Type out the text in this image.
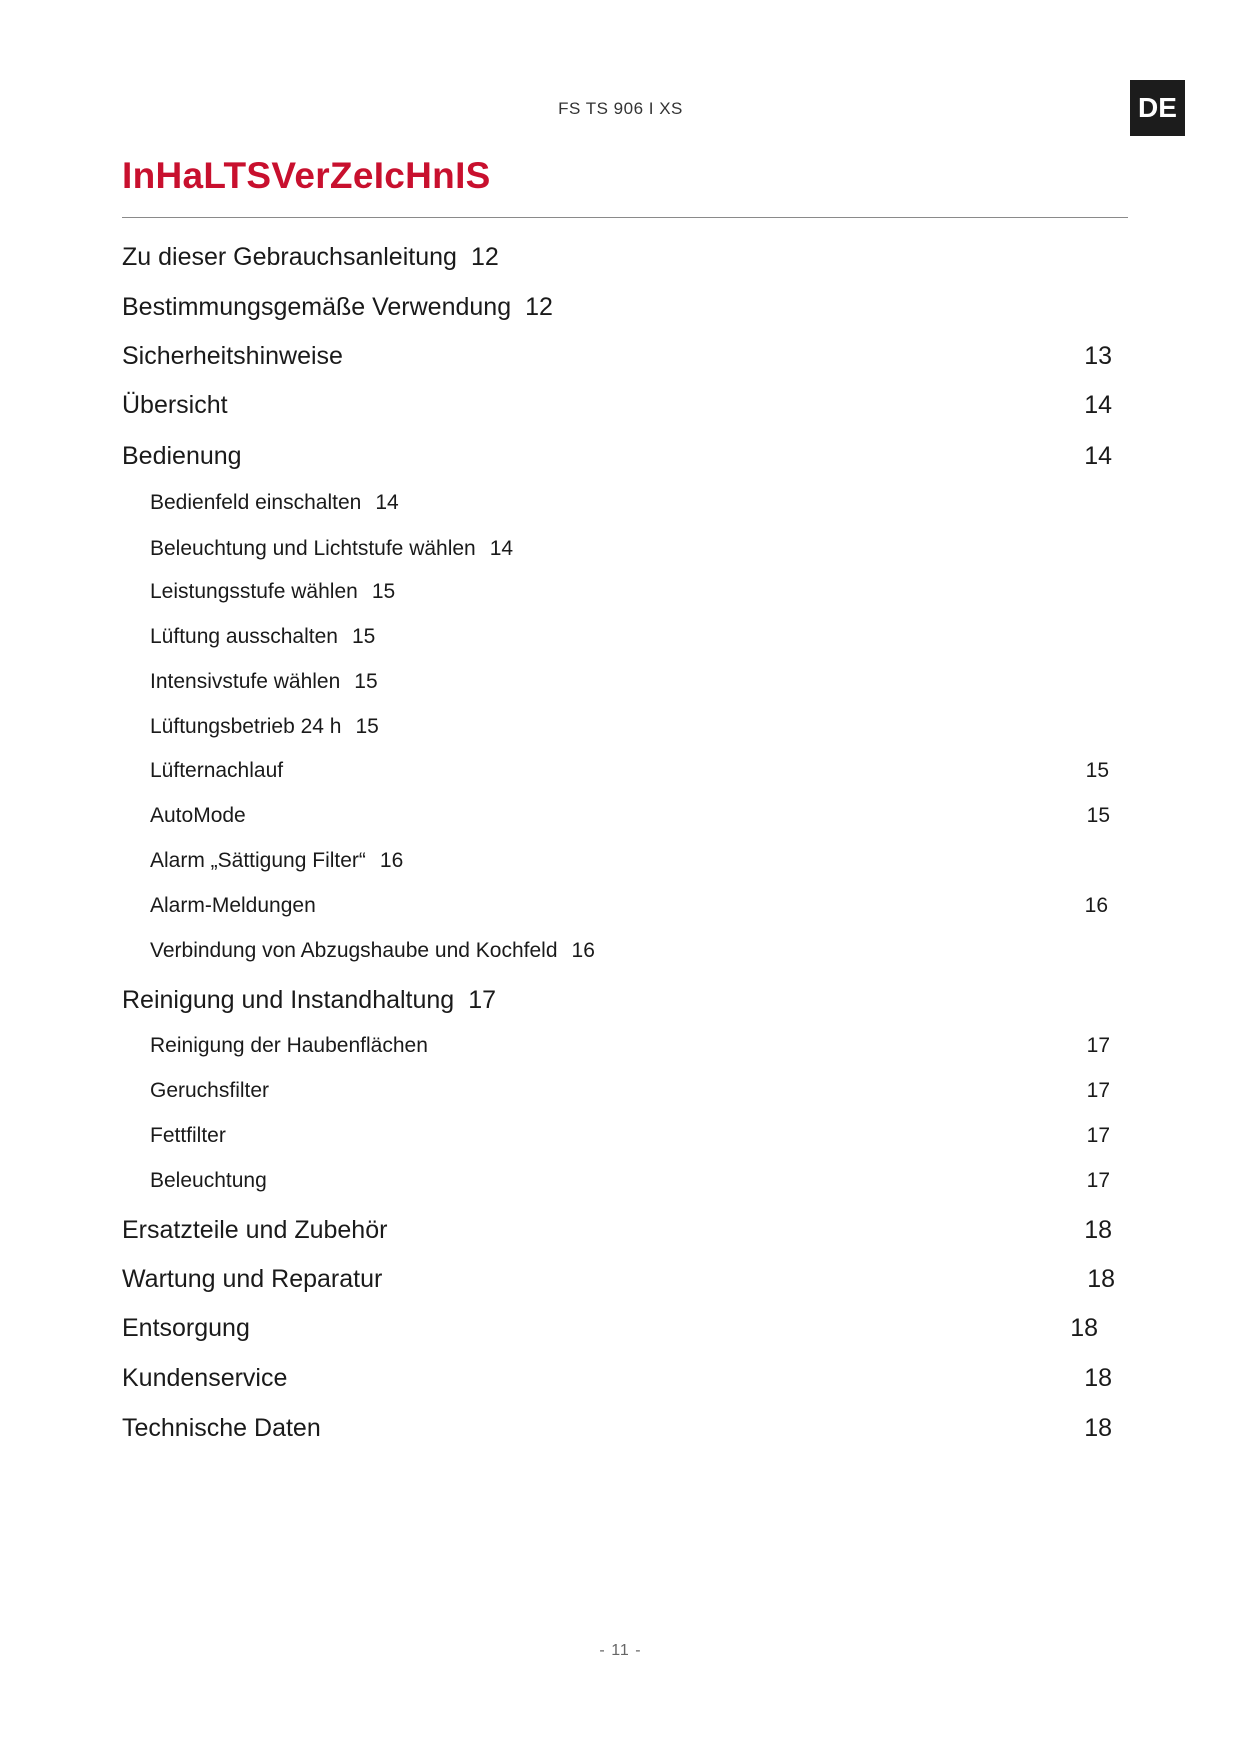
FS TS 906 I XS	DE
InHaLTSVerZeIcHnIS
Zu dieser Gebrauchsanleitung 12
Bestimmungsgemäße Verwendung 12
Sicherheitshinweise	13
Übersicht	14
Bedienung	14
Bedienfeld einschalten 14
Beleuchtung und Lichtstufe wählen 14
Leistungsstufe wählen 15
Lüftung ausschalten 15
Intensivstufe wählen 15
Lüftungsbetrieb 24 h 15
Lüfternachlauf	15
AutoMode	15
Alarm „Sättigung Filter“ 16
Alarm-Meldungen	16
Verbindung von Abzugshaube und Kochfeld 16
Reinigung und Instandhaltung 17
Reinigung der Haubenflächen	17
Geruchsfilter	17
Fettfilter	17
Beleuchtung	17
Ersatzteile und Zubehör	18
Wartung und Reparatur	18
Entsorgung	18
Kundenservice	18
Technische Daten	18
- 11 -
